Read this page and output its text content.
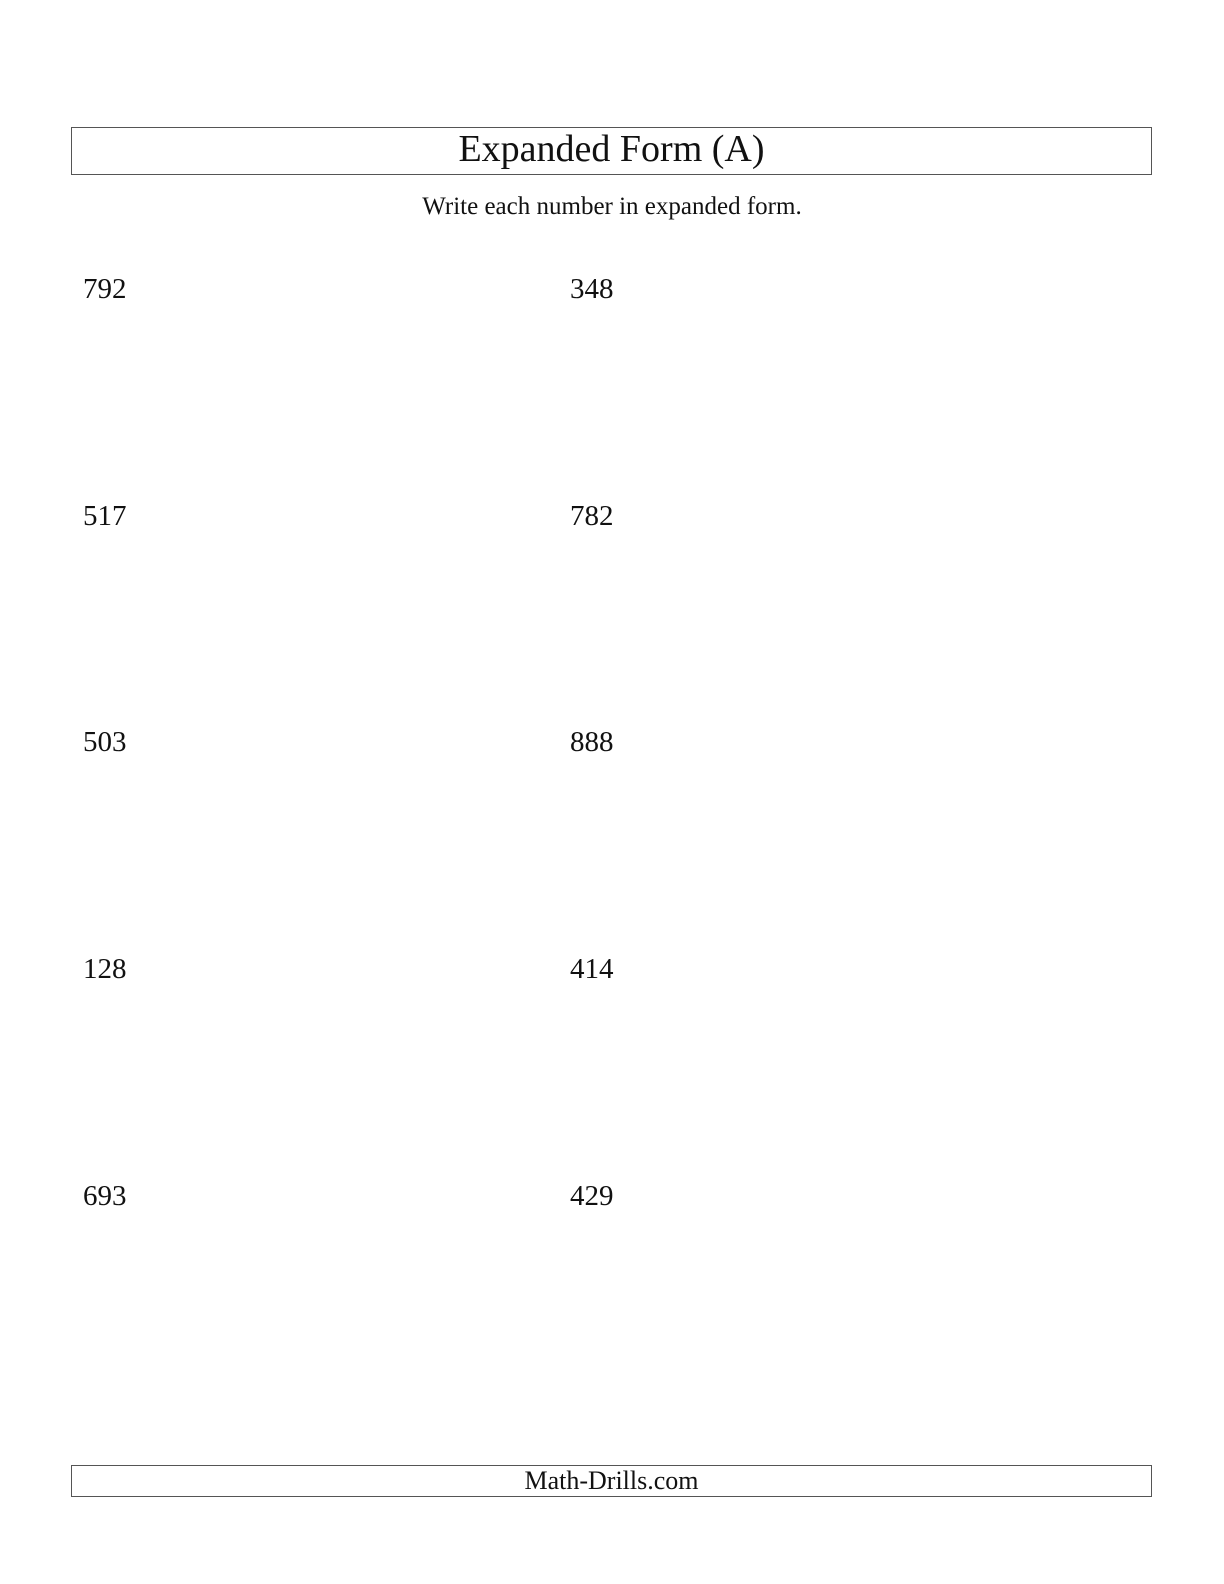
Expanded Form (A)
Write each number in expanded form.
792	348
517	782
503	888
128	414
693	429
Math-Drills.com
